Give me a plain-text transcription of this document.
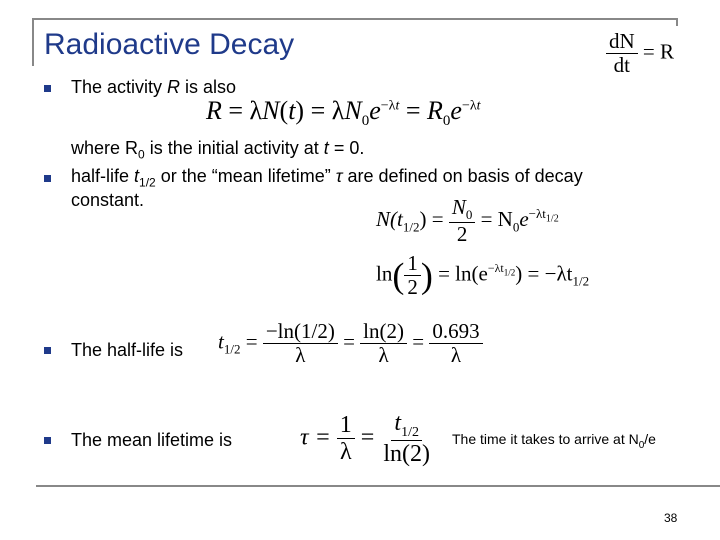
Radioactive Decay	$\frac{dN}{dt} = R$
The activity R is also
$R = \lambda N(t) = \lambda N_0e^{-\lambda t} = R_0e^{-\lambda t}$
where $R_0$ is the initial activity at t = 0.
half-life $t_{1/2}$ or the “mean lifetime” τ are defined on basis of decay
constant.
$N(t_{1/2}) = \frac{N_0}{2} = N_0e^{-\lambda t_{1/2}}$
$\ln( \frac{1}{2}$ ) = $\ln(e^{-\lambda t_{1/2}}) = -\lambda t_{1/2}$
The half-life is $t_{1/2} = \frac{-\ln(1/2)}{\lambda} = \frac{\ln(2)}{\lambda} = \frac{0.693}{\lambda}$
The mean lifetime is	$\tau = \frac{1}{\lambda} = \frac{t_{1/2}}{\ln(2)}$ The time it takes to arrive at $N_0/e$
38
